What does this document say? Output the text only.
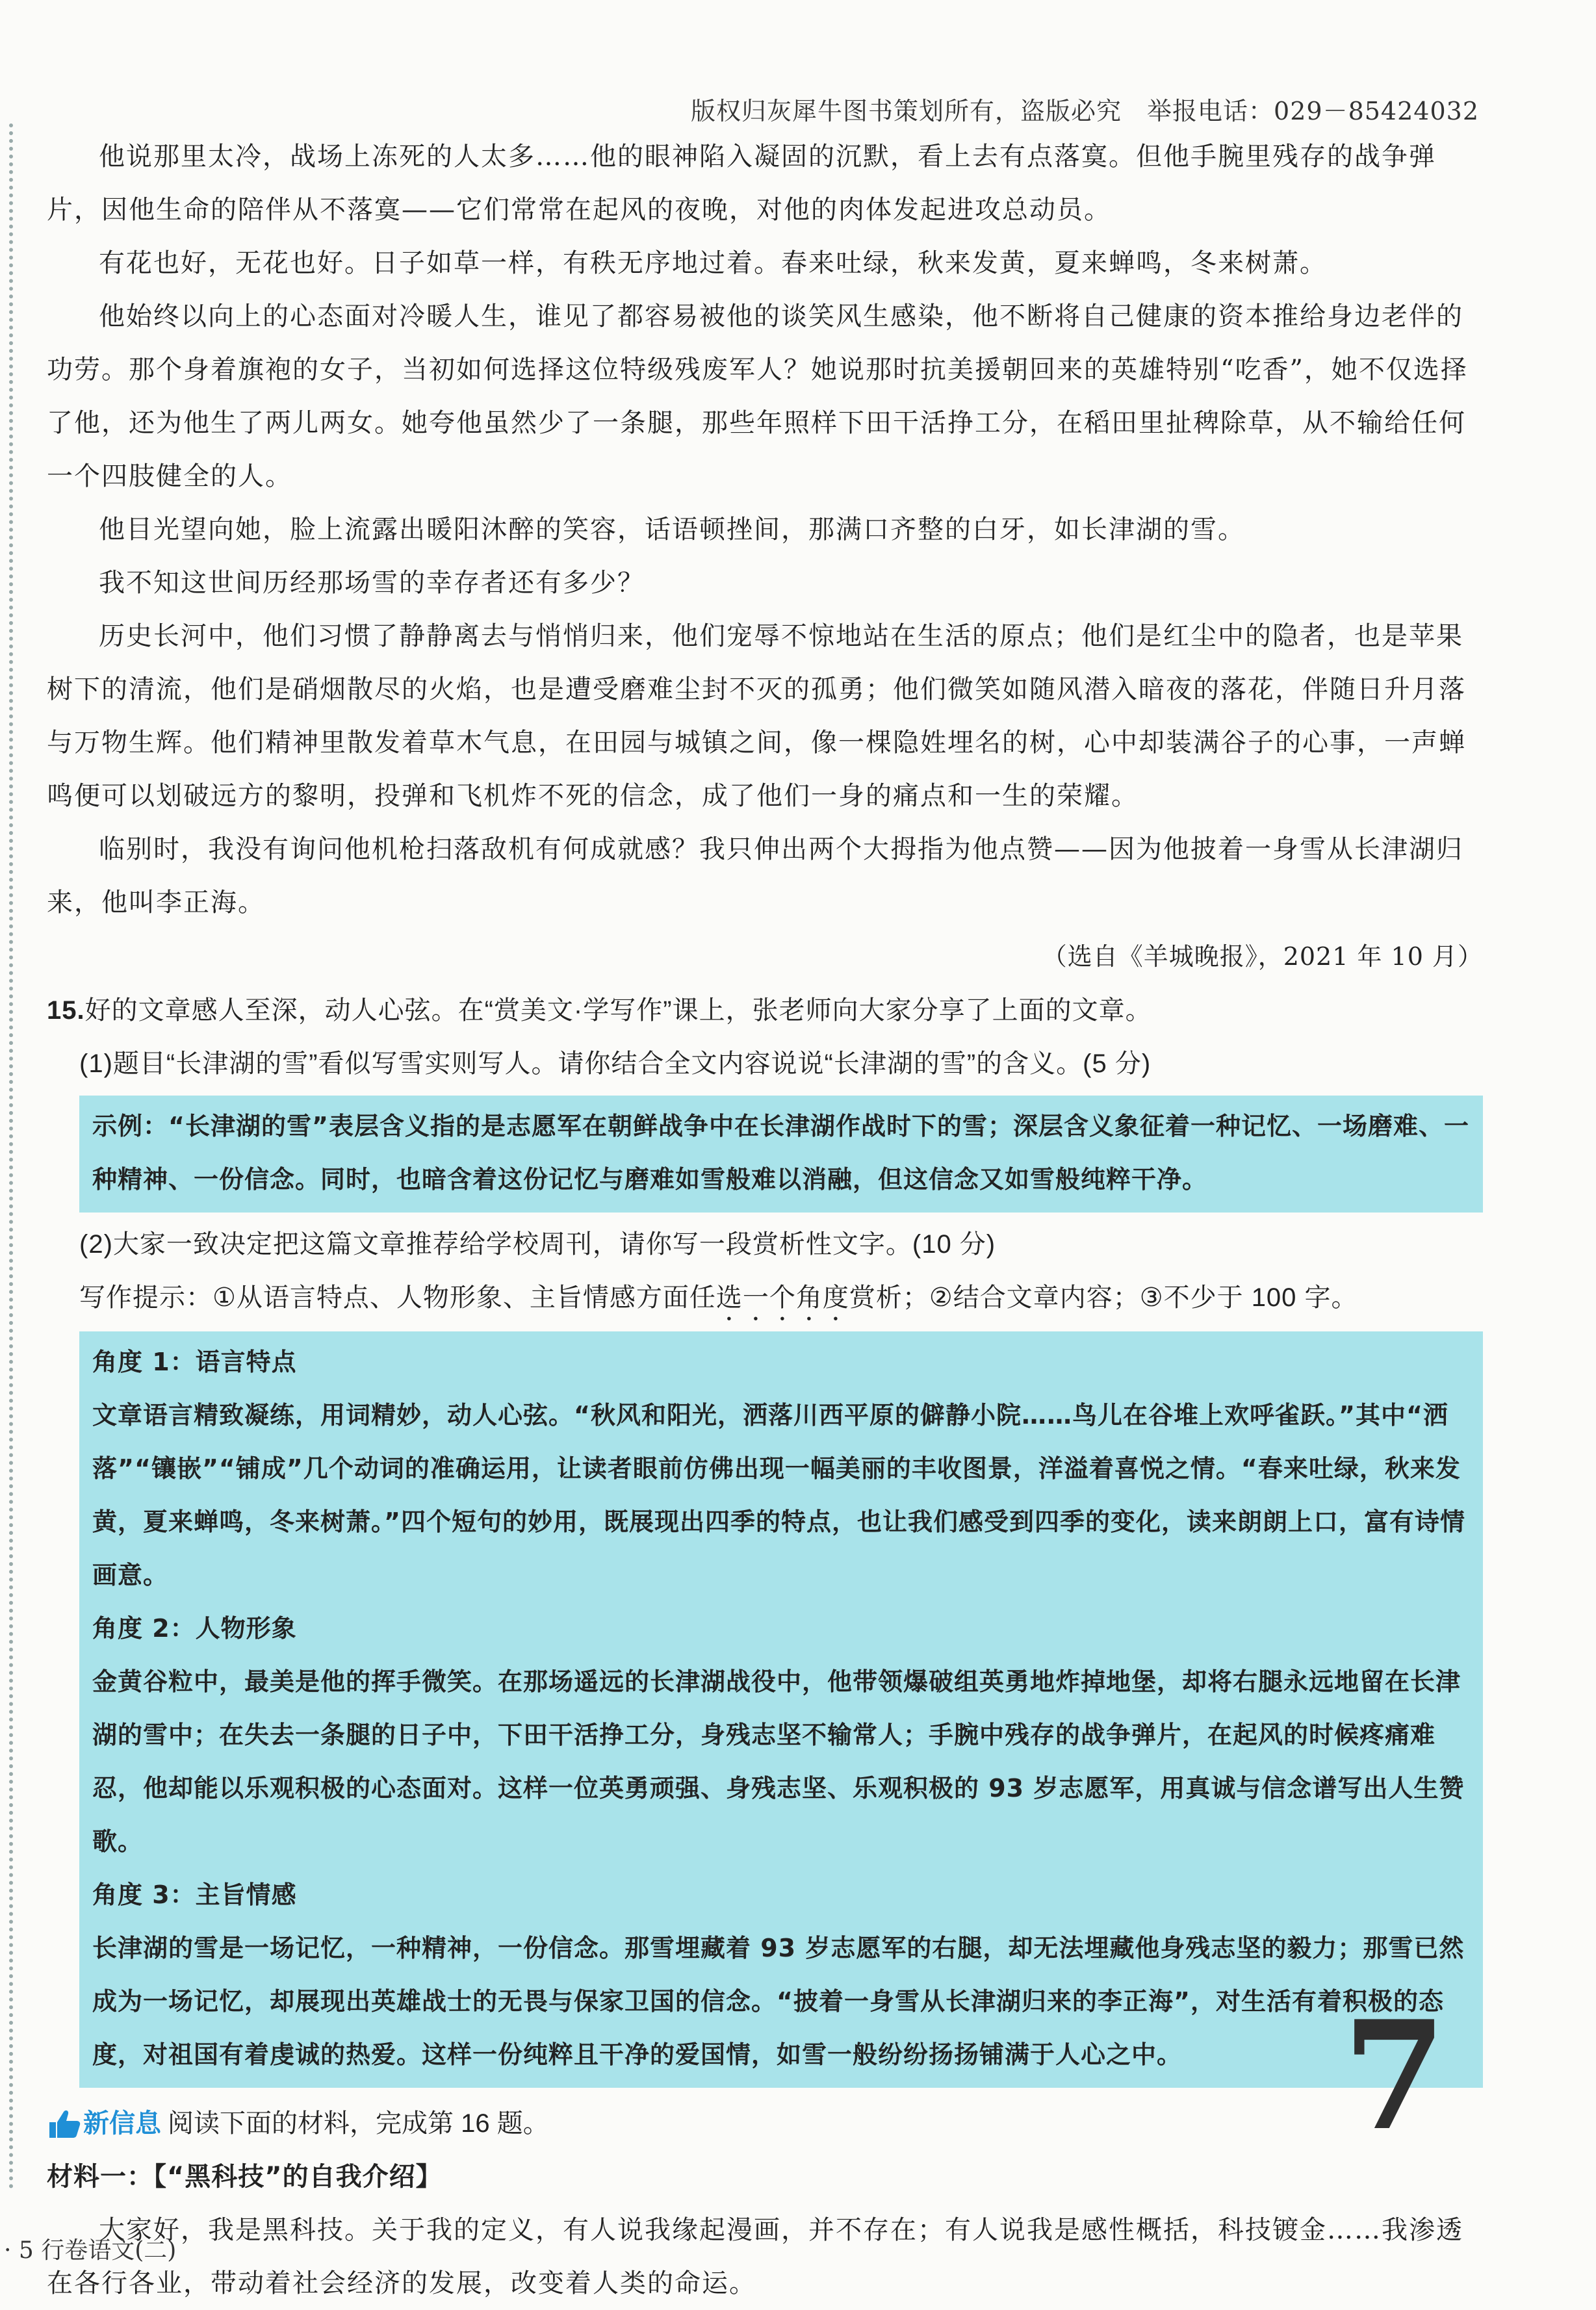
版权归灰犀牛图书策划所有，盗版必究　举报电话：029－85424032

他说那里太冷，战场上冻死的人太多……他的眼神陷入凝固的沉默，看上去有点落寞。但他手腕里残存的战争弹片，因他生命的陪伴从不落寞——它们常常在起风的夜晚，对他的肉体发起进攻总动员。

有花也好，无花也好。日子如草一样，有秩无序地过着。春来吐绿，秋来发黄，夏来蝉鸣，冬来树萧。

他始终以向上的心态面对冷暖人生，谁见了都容易被他的谈笑风生感染，他不断将自己健康的资本推给身边老伴的功劳。那个身着旗袍的女子，当初如何选择这位特级残废军人？她说那时抗美援朝回来的英雄特别“吃香”，她不仅选择了他，还为他生了两儿两女。她夸他虽然少了一条腿，那些年照样下田干活挣工分，在稻田里扯稗除草，从不输给任何一个四肢健全的人。

他目光望向她，脸上流露出暖阳沐醉的笑容，话语顿挫间，那满口齐整的白牙，如长津湖的雪。

我不知这世间历经那场雪的幸存者还有多少？

历史长河中，他们习惯了静静离去与悄悄归来，他们宠辱不惊地站在生活的原点；他们是红尘中的隐者，也是苹果树下的清流，他们是硝烟散尽的火焰，也是遭受磨难尘封不灭的孤勇；他们微笑如随风潜入暗夜的落花，伴随日升月落与万物生辉。他们精神里散发着草木气息，在田园与城镇之间，像一棵隐姓埋名的树，心中却装满谷子的心事，一声蝉鸣便可以划破远方的黎明，投弹和飞机炸不死的信念，成了他们一身的痛点和一生的荣耀。

临别时，我没有询问他机枪扫落敌机有何成就感？我只伸出两个大拇指为他点赞——因为他披着一身雪从长津湖归来，他叫李正海。

（选自《羊城晚报》，2021 年 10 月）

15.好的文章感人至深，动人心弦。在“赏美文·学写作”课上，张老师向大家分享了上面的文章。

(1)题目“长津湖的雪”看似写雪实则写人。请你结合全文内容说说“长津湖的雪”的含义。(5 分)

示例：“长津湖的雪”表层含义指的是志愿军在朝鲜战争中在长津湖作战时下的雪；深层含义象征着一种记忆、一场磨难、一种精神、一份信念。同时，也暗含着这份记忆与磨难如雪般难以消融，但这信念又如雪般纯粹干净。

(2)大家一致决定把这篇文章推荐给学校周刊，请你写一段赏析性文字。(10 分)

写作提示：①从语言特点、人物形象、主旨情感方面任选一个角度赏析；②结合文章内容；③不少于 100 字。

角度 1：语言特点
文章语言精致凝练，用词精妙，动人心弦。“秋风和阳光，洒落川西平原的僻静小院……鸟儿在谷堆上欢呼雀跃。”其中“洒落”“镶嵌”“铺成”几个动词的准确运用，让读者眼前仿佛出现一幅美丽的丰收图景，洋溢着喜悦之情。“春来吐绿，秋来发黄，夏来蝉鸣，冬来树萧。”四个短句的妙用，既展现出四季的特点，也让我们感受到四季的变化，读来朗朗上口，富有诗情画意。
角度 2：人物形象
金黄谷粒中，最美是他的挥手微笑。在那场遥远的长津湖战役中，他带领爆破组英勇地炸掉地堡，却将右腿永远地留在长津湖的雪中；在失去一条腿的日子中，下田干活挣工分，身残志坚不输常人；手腕中残存的战争弹片，在起风的时候疼痛难忍，他却能以乐观积极的心态面对。这样一位英勇顽强、身残志坚、乐观积极的 93 岁志愿军，用真诚与信念谱写出人生赞歌。
角度 3：主旨情感
长津湖的雪是一场记忆，一种精神，一份信念。那雪埋藏着 93 岁志愿军的右腿，却无法埋藏他身残志坚的毅力；那雪已然成为一场记忆，却展现出英雄战士的无畏与保家卫国的信念。“披着一身雪从长津湖归来的李正海”，对生活有着积极的态度，对祖国有着虔诚的热爱。这样一份纯粹且干净的爱国情，如雪一般纷纷扬扬铺满于人心之中。
新信息 阅读下面的材料，完成第 16 题。

材料一：【“黑科技”的自我介绍】

大家好，我是黑科技。关于我的定义，有人说我缘起漫画，并不存在；有人说我是感性概括，科技镀金……我渗透在各行各业，带动着社会经济的发展，改变着人类的命运。

7
· 5 行卷语文(二)
